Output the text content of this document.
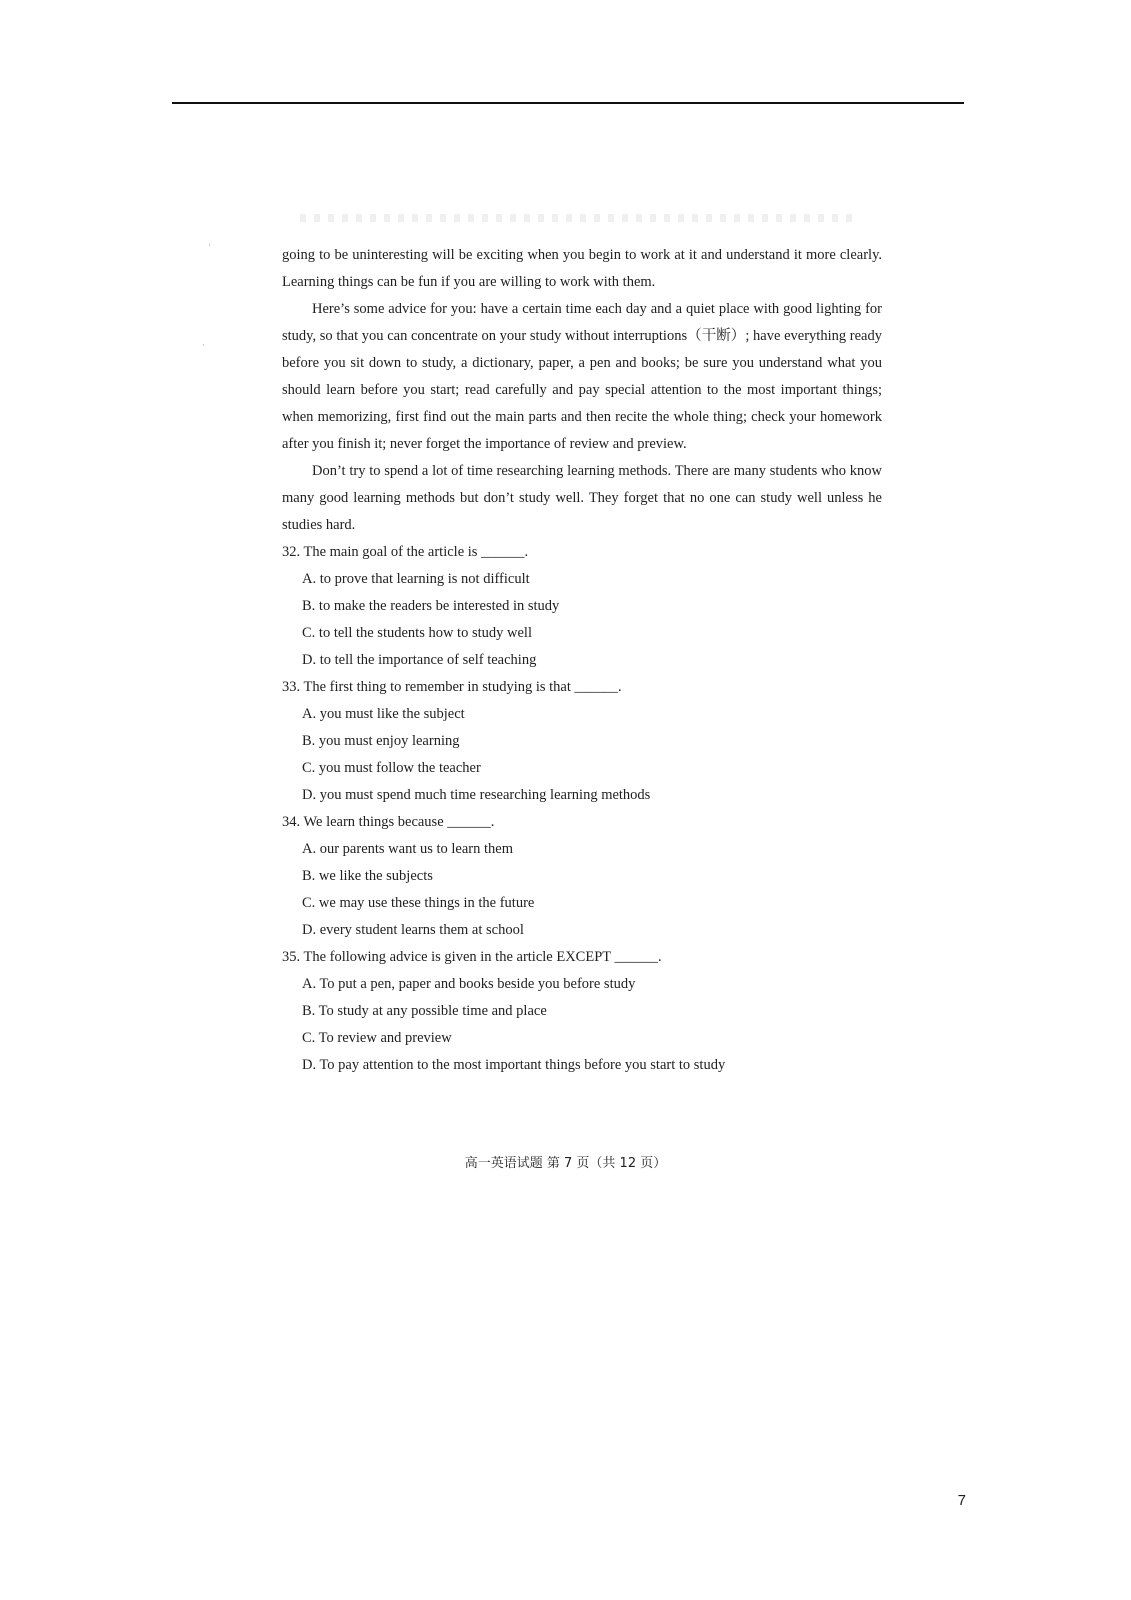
·
·

going to be uninteresting will be exciting when you begin to work at it and understand it more clearly. Learning things can be fun if you are willing to work with them.

Here’s some advice for you: have a certain time each day and a quiet place with good lighting for study, so that you can concentrate on your study without interruptions（干断）; have everything ready before you sit down to study, a dictionary, paper, a pen and books; be sure you understand what you should learn before you start; read carefully and pay special attention to the most important things; when memorizing, first find out the main parts and then recite the whole thing; check your homework after you finish it; never forget the importance of review and preview.

Don’t try to spend a lot of time researching learning methods. There are many students who know many good learning methods but don’t study well. They forget that no one can study well unless he studies hard.

32. The main goal of the article is ______.

A. to prove that learning is not difficult

B. to make the readers be interested in study

C. to tell the students how to study well

D. to tell the importance of self teaching

33. The first thing to remember in studying is that ______.

A. you must like the subject

B. you must enjoy learning

C. you must follow the teacher

D. you must spend much time researching learning methods

34. We learn things because ______.

A. our parents want us to learn them

B. we like the subjects

C. we may use these things in the future

D. every student learns them at school

35. The following advice is given in the article EXCEPT ______.

A. To put a pen, paper and books beside you before study

B. To study at any possible time and place

C. To review and preview

D. To pay attention to the most important things before you start to study

高一英语试题 第 7 页（共 12 页）
7
